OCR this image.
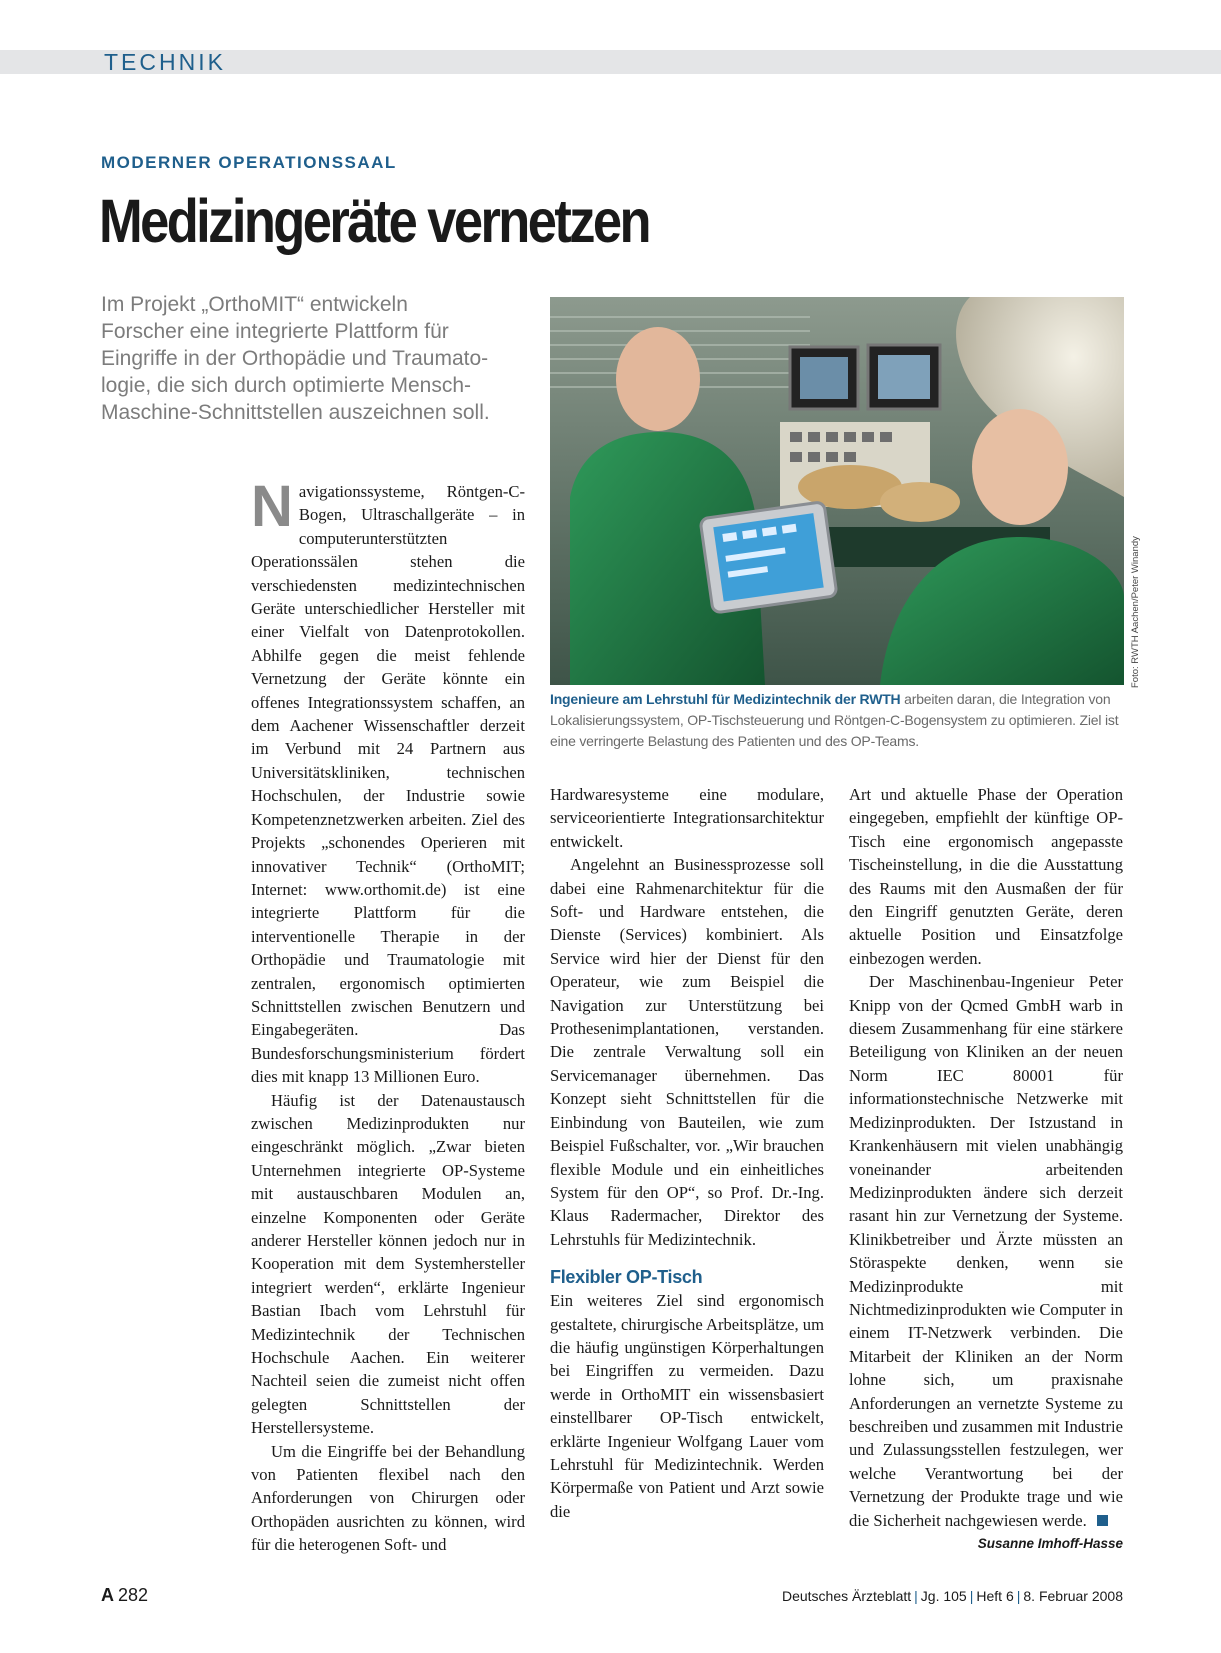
TECHNIK
MODERNER OPERATIONSSAAL
Medizingeräte vernetzen
Im Projekt „OrthoMIT“ entwickeln
Forscher eine integrierte Plattform für
Eingriffe in der Orthopädie und Traumato-
logie, die sich durch optimierte Mensch-
Maschine-Schnittstellen auszeichnen soll.

Navigationssysteme, Röntgen-C-Bogen, Ultraschallgeräte – in computerunterstützten Operationssälen stehen die verschiedensten medizintechnischen Geräte unterschiedlicher Hersteller mit einer Vielfalt von Datenprotokollen. Abhilfe gegen die meist fehlende Vernetzung der Geräte könnte ein offenes Integrationssystem schaffen, an dem Aachener Wissenschaftler derzeit im Verbund mit 24 Partnern aus Universitätskliniken, technischen Hochschulen, der Industrie sowie Kompetenznetzwerken arbeiten. Ziel des Projekts „schonendes Operieren mit innovativer Technik“ (OrthoMIT; Internet: www.orthomit.de) ist eine integrierte Plattform für die interventionelle Therapie in der Orthopädie und Traumatologie mit zentralen, ergonomisch optimierten Schnittstellen zwischen Benutzern und Eingabegeräten. Das Bundesforschungsministerium fördert dies mit knapp 13 Millionen Euro.

Häufig ist der Datenaustausch zwischen Medizinprodukten nur eingeschränkt möglich. „Zwar bieten Unternehmen integrierte OP-Systeme mit austauschbaren Modulen an, einzelne Komponenten oder Geräte anderer Hersteller können jedoch nur in Kooperation mit dem Systemhersteller integriert werden“, erklärte Ingenieur Bastian Ibach vom Lehrstuhl für Medizintechnik der Technischen Hochschule Aachen. Ein weiterer Nachteil seien die zumeist nicht offen gelegten Schnittstellen der Herstellersysteme.

Um die Eingriffe bei der Behandlung von Patienten flexibel nach den Anforderungen von Chirurgen oder Orthopäden ausrichten zu können, wird für die heterogenen Soft- und

Foto: RWTH Aachen/Peter Winandy
Ingenieure am Lehrstuhl für Medizintechnik der RWTH arbeiten daran, die Integration von Lokalisierungssystem, OP-Tischsteuerung und Röntgen-C-Bogensystem zu optimieren. Ziel ist eine verringerte Belastung des Patienten und des OP-Teams.

Hardwaresysteme eine modulare, serviceorientierte Integrationsarchitektur entwickelt.

Angelehnt an Businessprozesse soll dabei eine Rahmenarchitektur für die Soft- und Hardware entstehen, die Dienste (Services) kombiniert. Als Service wird hier der Dienst für den Operateur, wie zum Beispiel die Navigation zur Unterstützung bei Prothesenimplantationen, verstanden. Die zentrale Verwaltung soll ein Servicemanager übernehmen. Das Konzept sieht Schnittstellen für die Einbindung von Bauteilen, wie zum Beispiel Fußschalter, vor. „Wir brauchen flexible Module und ein einheitliches System für den OP“, so Prof. Dr.-Ing. Klaus Radermacher, Direktor des Lehrstuhls für Medizintechnik.

Flexibler OP-Tisch

Ein weiteres Ziel sind ergonomisch gestaltete, chirurgische Arbeitsplätze, um die häufig ungünstigen Körperhaltungen bei Eingriffen zu vermeiden. Dazu werde in OrthoMIT ein wissensbasiert einstellbarer OP-Tisch entwickelt, erklärte Ingenieur Wolfgang Lauer vom Lehrstuhl für Medizintechnik. Werden Körpermaße von Patient und Arzt sowie die

Art und aktuelle Phase der Operation eingegeben, empfiehlt der künftige OP-Tisch eine ergonomisch angepasste Tischeinstellung, in die die Ausstattung des Raums mit den Ausmaßen der für den Eingriff genutzten Geräte, deren aktuelle Position und Einsatzfolge einbezogen werden.

Der Maschinenbau-Ingenieur Peter Knipp von der Qcmed GmbH warb in diesem Zusammenhang für eine stärkere Beteiligung von Kliniken an der neuen Norm IEC 80001 für informationstechnische Netzwerke mit Medizinprodukten. Der Istzustand in Krankenhäusern mit vielen unabhängig voneinander arbeitenden Medizinprodukten ändere sich derzeit rasant hin zur Vernetzung der Systeme. Klinikbetreiber und Ärzte müssten an Störaspekte denken, wenn sie Medizinprodukte mit Nichtmedizinprodukten wie Computer in einem IT-Netzwerk verbinden. Die Mitarbeit der Kliniken an der Norm lohne sich, um praxisnahe Anforderungen an vernetzte Systeme zu beschreiben und zusammen mit Industrie und Zulassungsstellen festzulegen, wer welche Verantwortung bei der Vernetzung der Produkte trage und wie die Sicherheit nachgewiesen werde.

Susanne Imhoff-Hasse
A 282	Deutsches Ärzteblatt | Jg. 105 | Heft 6 | 8. Februar 2008
